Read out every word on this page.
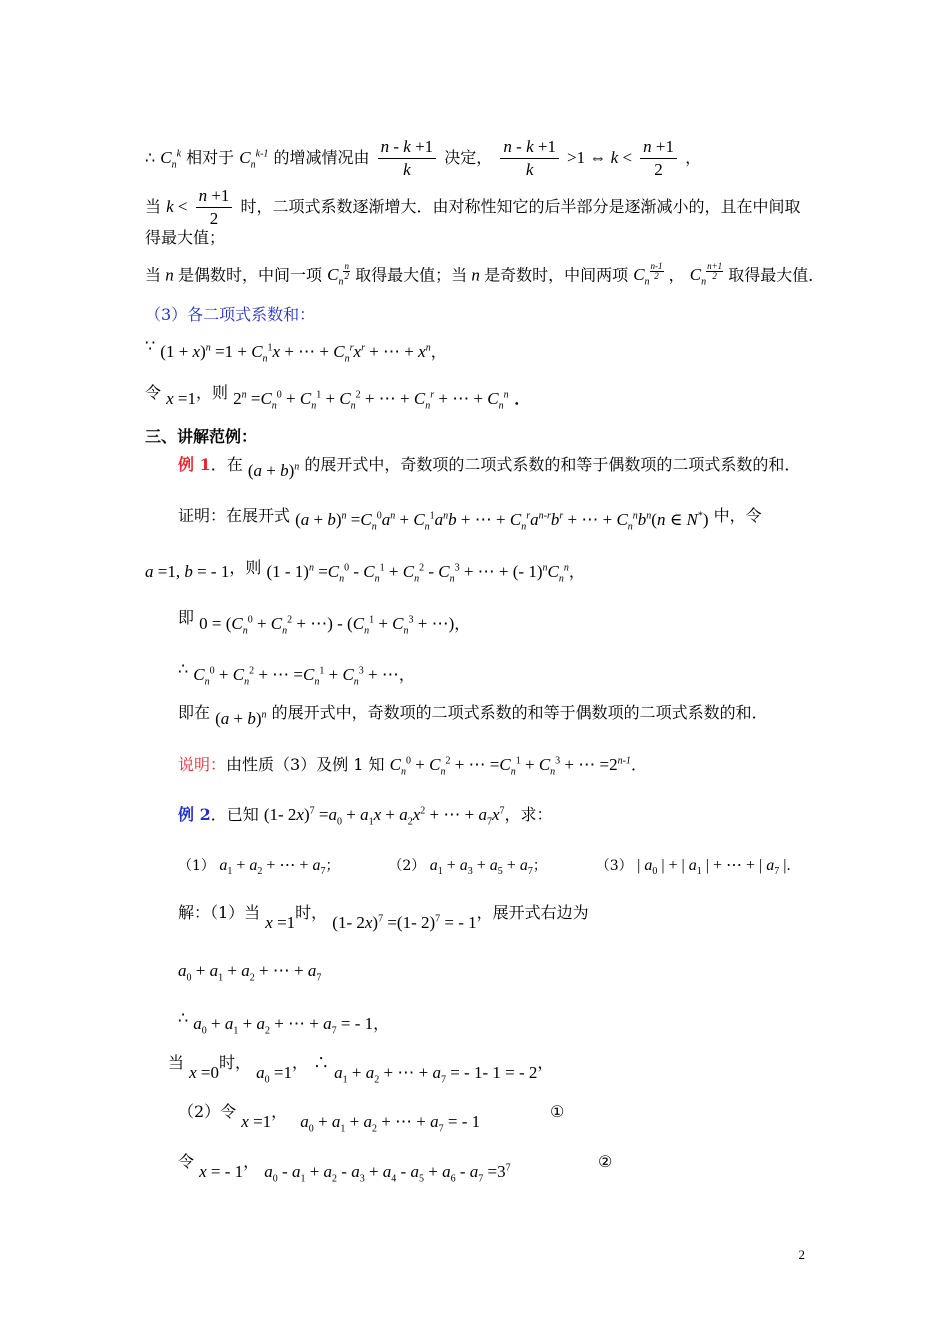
∴ $C_n^k$ 相对于 $C_n^{k-1}$ 的增减情况由 $\frac{n - k +1}{k}$ 决定， $\frac{n - k +1}{k} >1$ ⇔ $k < \frac{n +1}{2}$ ，
当 $k < \frac{n +1}{2}$ 时，二项式系数逐渐增大．由对称性知它的后半部分是逐渐减小的，且在中间取
得最大值；
当 n 是偶数时，中间一项 $C_n$
$^{\frac{n}{2}}$ 取得最大值；当 n 是奇数时，中间两项 $C_n$
$^{\frac{n-1}{2}}$ ， $C_n$
$^{\frac{n+1}{2}}$ 取得最大值．
（3）各二项式系数和：
∵ $(1 + x)^n =1 + C_n^1x$ + ⋯ + $C_n^rx^r$ + ⋯ + $x^n$，
令 x =1，则 $2^n =C_n^0 + C_n^1 + C_n^2$ + ⋯ + $C_n^r$ + ⋯ + $C_n^n$ ．
三、讲解范例：
例 1．在 $(a + b)^n$ 的展开式中，奇数项的二项式系数的和等于偶数项的二项式系数的和．
证明：在展开式 $(a + b)^n =C_n^0a^n + C_n^1a^nb$ + ⋯ + $C_n^ra^{n-r}b^r$ + ⋯ + $C_n^nb^n(n$ ∈ N*) 中，令
a =1, b = - 1，则 $(1 - 1)^n =C_n^0 - C_n^1 + C_n^2 - C_n^3$ + ⋯ + (- $1)^nC_n^n$，
即 $0 = (C_n^0 + C_n^2$ + ⋯) - ($C_n^1 + C_n^3$ + ⋯)，
∴ $C_n^0 + C_n^2$ + ⋯ $=C_n^1 + C_n^3$ + ⋯，
即在 $(a + b)^n$ 的展开式中，奇数项的二项式系数的和等于偶数项的二项式系数的和．
说明：由性质（3）及例 1 知 $C_n^0 + C_n^2$ + ⋯ $=C_n^1 + C_n^3$ + ⋯ $=2^{n-1}$．
例 2．已知 (1- $2x)^7 =a_0 + a_1x + a_2x^2$ + ⋯ + $a_7x^7$，求：
（1） $a_1 + a_2$ + ⋯ + $a_7$；	（2） $a_1 + a_3 + a_5 + a_7$；	（3） | $a_0$ | + | $a_1$ | + ⋯ + | $a_7$ |．
解：（1）当 x =1时， (1- 2x)$^7$ =(1- 2)$^7$ = - 1，展开式右边为
$a_0 + a_1 + a_2$ + ⋯ + $a_7$
∴ $a_0 + a_1 + a_2$ + ⋯ + $a_7$ = - 1，
当 x =0时， $a_0 =1$， ∴ $a_1 + a_2$ + ⋯ + $a_7$ = - 1- 1 = - 2，
（2）令 x =1， $a_0 + a_1 + a_2$ + ⋯ + $a_7$ = - 1
①
令 x = - 1， $a_0 - a_1 + a_2 - a_3 + a_4 - a_5 + a_6 - a_7 =3^7$	②
2
